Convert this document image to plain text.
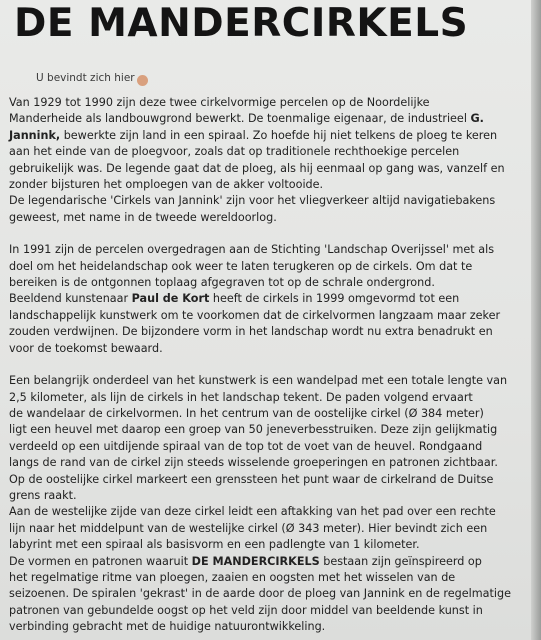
DE MANDERCIRKELS
U bevindt zich hier

Van 1929 tot 1990 zijn deze twee cirkelvormige percelen op de Noordelijke
Manderheide als landbouwgrond bewerkt. De toenmalige eigenaar, de industrieel G.
Jannink, bewerkte zijn land in een spiraal. Zo hoefde hij niet telkens de ploeg te keren
aan het einde van de ploegvoor, zoals dat op traditionele rechthoekige percelen
gebruikelijk was. De legende gaat dat de ploeg, als hij eenmaal op gang was, vanzelf en
zonder bijsturen het omploegen van de akker voltooide.
De legendarische 'Cirkels van Jannink' zijn voor het vliegverkeer altijd navigatiebakens
geweest, met name in de tweede wereldoorlog.

In 1991 zijn de percelen overgedragen aan de Stichting 'Landschap Overijssel' met als
doel om het heidelandschap ook weer te laten terugkeren op de cirkels. Om dat te
bereiken is de ontgonnen toplaag afgegraven tot op de schrale ondergrond.
Beeldend kunstenaar Paul de Kort heeft de cirkels in 1999 omgevormd tot een
landschappelijk kunstwerk om te voorkomen dat de cirkelvormen langzaam maar zeker
zouden verdwijnen. De bijzondere vorm in het landschap wordt nu extra benadrukt en
voor de toekomst bewaard.

Een belangrijk onderdeel van het kunstwerk is een wandelpad met een totale lengte van
2,5 kilometer, als lijn de cirkels in het landschap tekent. De paden volgend ervaart
de wandelaar de cirkelvormen. In het centrum van de oostelijke cirkel (Ø 384 meter)
ligt een heuvel met daarop een groep van 50 jeneverbesstruiken. Deze zijn gelijkmatig
verdeeld op een uitdijende spiraal van de top tot de voet van de heuvel. Rondgaand
langs de rand van de cirkel zijn steeds wisselende groeperingen en patronen zichtbaar.
Op de oostelijke cirkel markeert een grenssteen het punt waar de cirkelrand de Duitse
grens raakt.
Aan de westelijke zijde van deze cirkel leidt een aftakking van het pad over een rechte
lijn naar het middelpunt van de westelijke cirkel (Ø 343 meter). Hier bevindt zich een
labyrint met een spiraal als basisvorm en een padlengte van 1 kilometer.
De vormen en patronen waaruit DE MANDERCIRKELS bestaan zijn geïnspireerd op
het regelmatige ritme van ploegen, zaaien en oogsten met het wisselen van de
seizoenen. De spiralen 'gekrast' in de aarde door de ploeg van Jannink en de regelmatige
patronen van gebundelde oogst op het veld zijn door middel van beeldende kunst in
verbinding gebracht met de huidige natuurontwikkeling.
